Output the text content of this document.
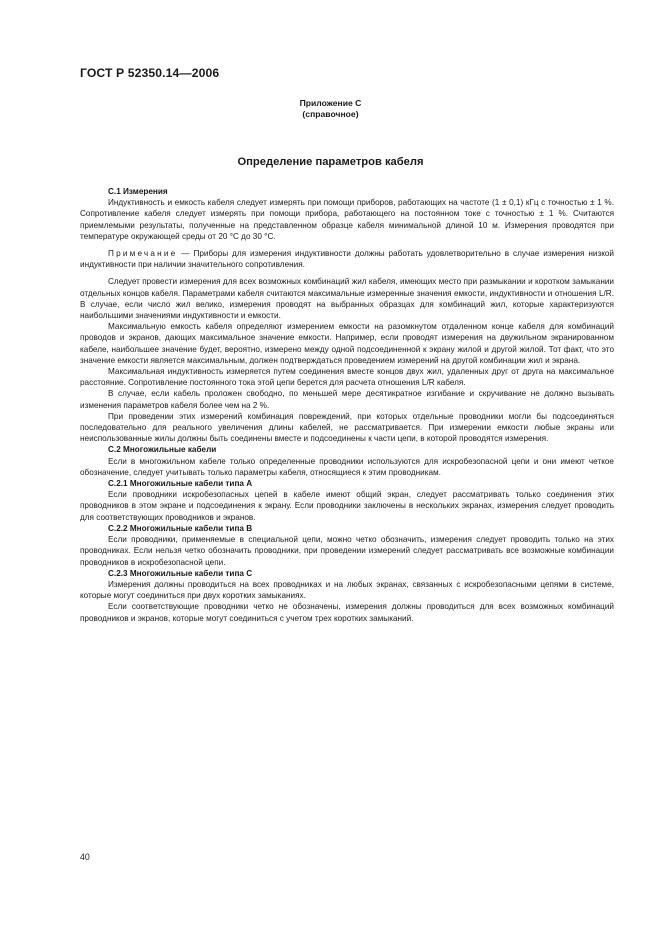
ГОСТ Р 52350.14—2006
Приложение С
(справочное)
Определение параметров кабеля

С.1 Измерения

Индуктивность и емкость кабеля следует измерять при помощи приборов, работающих на частоте (1 ± 0,1) кГц с точностью ± 1 %. Сопротивление кабеля следует измерять при помощи прибора, работающего на постоянном токе с точностью ± 1 %. Считаются приемлемыми результаты, полученные на представленном образце кабеля минимальной длиной 10 м. Измерения проводятся при температуре окружающей среды от 20 °С до 30 °С.

Примечание — Приборы для измерения индуктивности должны работать удовлетворительно в случае измерения низкой индуктивности при наличии значительного сопротивления.

Следует провести измерения для всех возможных комбинаций жил кабеля, имеющих место при размыкании и коротком замыкании отдельных концов кабеля. Параметрами кабеля считаются максимальные измеренные значения емкости, индуктивности и отношения L/R. В случае, если число жил велико, измерения проводят на выбранных образцах для комбинаций жил, которые характеризуются наибольшими значениями индуктивности и емкости.

Максимальную емкость кабеля определяют измерением емкости на разомкнутом отдаленном конце кабеля для комбинаций проводов и экранов, дающих максимальное значение емкости. Например, если проводят измерения на двужильном экранированном кабеле, наибольшее значение будет, вероятно, измерено между одной подсоединенной к экрану жилой и другой жилой. Тот факт, что это значение емкости является максимальным, должен подтверждаться проведением измерений на другой комбинации жил и экрана.

Максимальная индуктивность измеряется путем соединения вместе концов двух жил, удаленных друг от друга на максимальное расстояние. Сопротивление постоянного тока этой цепи берется для расчета отношения L/R кабеля.

В случае, если кабель проложен свободно, по меньшей мере десятикратное изгибание и скручивание не должно вызывать изменения параметров кабеля более чем на 2 %.

При проведении этих измерений комбинация повреждений, при которых отдельные проводники могли бы подсоединяться последовательно для реального увеличения длины кабелей, не рассматривается. При измерении емкости любые экраны или неиспользованные жилы должны быть соединены вместе и подсоединены к части цепи, в которой проводятся измерения.

С.2 Многожильные кабели

Если в многожильном кабеле только определенные проводники используются для искробезопасной цепи и они имеют четкое обозначение, следует учитывать только параметры кабеля, относящиеся к этим проводникам.

С.2.1 Многожильные кабели типа А

Если проводники искробезопасных цепей в кабеле имеют общий экран, следует рассматривать только соединения этих проводников в этом экране и подсоединения к экрану. Если проводники заключены в нескольких экранах, измерения следует проводить для соответствующих проводников и экранов.

С.2.2 Многожильные кабели типа В

Если проводники, применяемые в специальной цепи, можно четко обозначить, измерения следует проводить только на этих проводниках. Если нельзя четко обозначить проводники, при проведении измерений следует рассматривать все возможные комбинации проводников в искробезопасной цепи.

С.2.3 Многожильные кабели типа С

Измерения должны проводиться на всех проводниках и на любых экранах, связанных с искробезопасными цепями в системе, которые могут соединиться при двух коротких замыканиях.

Если соответствующие проводники четко не обозначены, измерения должны проводиться для всех возможных комбинаций проводников и экранов, которые могут соединиться с учетом трех коротких замыканий.

40
